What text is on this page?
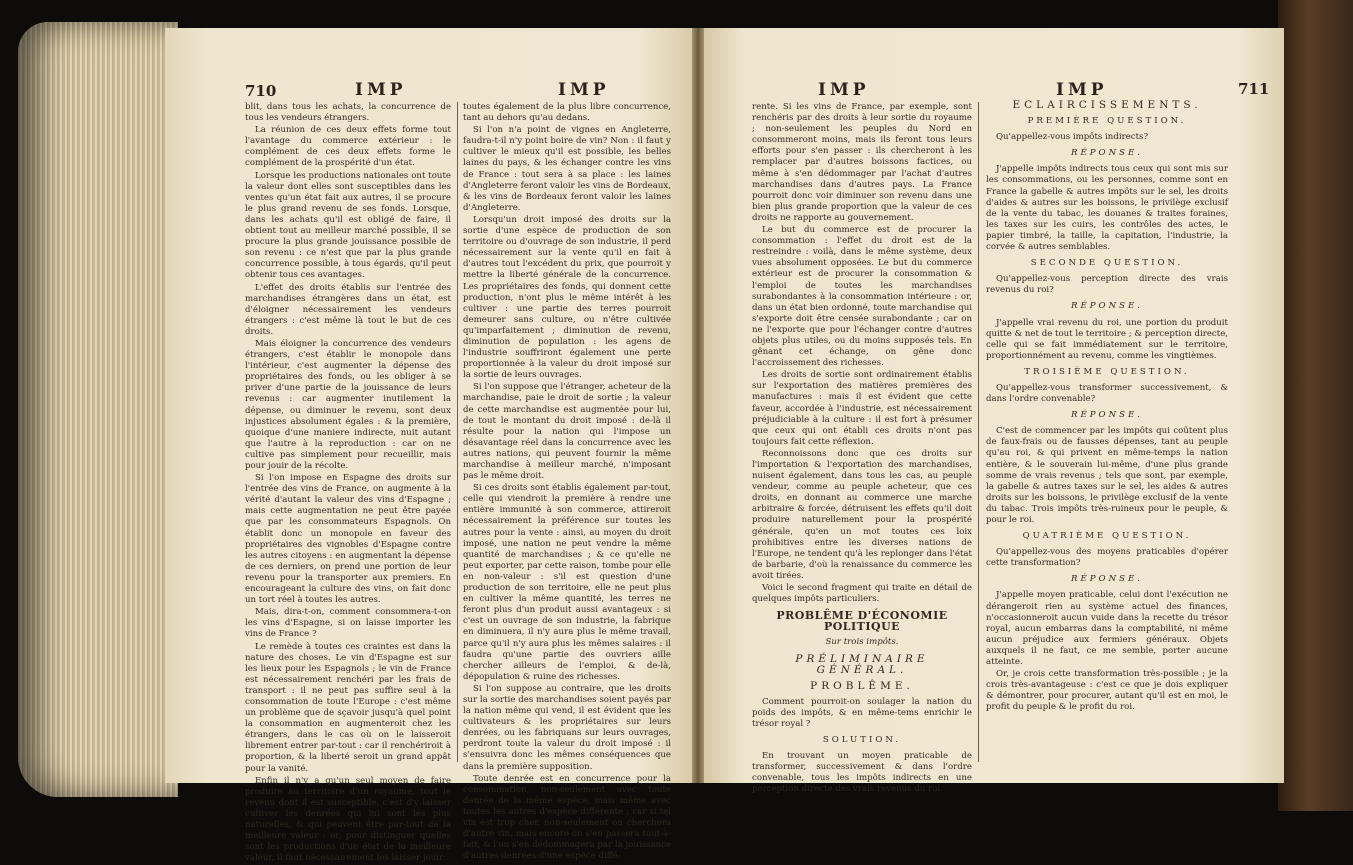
710	IMP	IMP

blit, dans tous les achats, la concurrence de tous les vendeurs étrangers.

La réunion de ces deux effets forme tout l'avantage du commerce extérieur : le complément de ces deux effets forme le complément de la prospérité d'un état.

Lorsque les productions nationales ont toute la valeur dont elles sont susceptibles dans les ventes qu'un état fait aux autres, il se procure le plus grand revenu de ses fonds. Lorsque, dans les achats qu'il est obligé de faire, il obtient tout au meilleur marché possible, il se procure la plus grande jouissance possible de son revenu : ce n'est que par la plus grande concurrence possible, à tous égards, qu'il peut obtenir tous ces avantages.

L'effet des droits établis sur l'entrée des marchandises étrangères dans un état, est d'éloigner nécessairement les vendeurs étrangers : c'est même là tout le but de ces droits.

Mais éloigner la concurrence des vendeurs étrangers, c'est établir le monopole dans l'intérieur, c'est augmenter la dépense des propriétaires des fonds, ou les obliger à se priver d'une partie de la jouissance de leurs revenus : car augmenter inutilement la dépense, ou diminuer le revenu, sont deux injustices absolument égales : & la première, quoique d'une maniere indirecte, nuit autant que l'autre à la reproduction : car on ne cultive pas simplement pour recueillir, mais pour jouir de la récolte.

Si l'on impose en Espagne des droits sur l'entrée des vins de France, on augmente à la vérité d'autant la valeur des vins d'Espagne ; mais cette augmentation ne peut être payée que par les consommateurs Espagnols. On établit donc un monopole en faveur des propriétaires des vignobles d'Espagne contre les autres citoyens : en augmentant la dépense de ces derniers, on prend une portion de leur revenu pour la transporter aux premiers. En encourageant la culture des vins, on fait donc un tort réel à toutes les autres.

Mais, dira-t-on, comment consommera-t-on les vins d'Espagne, si on laisse importer les vins de France ?

Le remède à toutes ces craintes est dans la nature des choses. Le vin d'Espagne est sur les lieux pour les Espagnols ; le vin de France est nécessairement renchéri par les frais de transport : il ne peut pas suffire seul à la consommation de toute l'Europe : c'est même un problème que de sçavoir jusqu'à quel point la consommation en augmenteroit chez les étrangers, dans le cas où on le laisseroit librement entrer par-tout : car il renchériroit à proportion, & la liberté seroit un grand appât pour la vanité.

Enfin il n'y a qu'un seul moyen de faire produire au territoire d'un royaume, tout le revenu dont il est susceptible, c'est d'y laisser cultiver les denrées qui lui sont les plus naturelles, & qui peuvent être par-tout de la meilleure valeur : or, pour distinguer quelles sont les productions d'un état de la meilleure valeur, il faut nécessairement les laisser jouir

toutes également de la plus libre concurrence, tant au dehors qu'au dedans.

Si l'on n'a point de vignes en Angleterre, faudra-t-il n'y point boire de vin? Non : il faut y cultiver le mieux qu'il est possible, les belles laines du pays, & les échanger contre les vins de France : tout sera à sa place : les laines d'Angleterre feront valoir les vins de Bordeaux, & les vins de Bordeaux feront valoir les laines d'Angleterre.

Lorsqu'un droit imposé des droits sur la sortie d'une espèce de production de son territoire ou d'ouvrage de son industrie, il perd nécessairement sur la vente qu'il en fait à d'autres tout l'excédent du prix, que pourroit y mettre la liberté générale de la concurrence. Les propriétaires des fonds, qui donnent cette production, n'ont plus le même intérêt à les cultiver : une partie des terres pourroit demeurer sans culture, ou n'être cultivée qu'imparfaitement ; diminution de revenu, diminution de population : les agens de l'industrie souffriront également une perte proportionnée à la valeur du droit imposé sur la sortie de leurs ouvrages.

Si l'on suppose que l'étranger, acheteur de la marchandise, paie le droit de sortie ; la valeur de cette marchandise est augmentée pour lui, de tout le montant du droit imposé : de-là il résulte pour la nation qui l'impose un désavantage réel dans la concurrence avec les autres nations, qui peuvent fournir la même marchandise à meilleur marché, n'imposant pas le même droit.

Si ces droits sont établis également par-tout, celle qui viendroit la première à rendre une entière immunité à son commerce, attireroit nécessairement la préférence sur toutes les autres pour la vente : ainsi, au moyen du droit imposé, une nation ne peut vendre la même quantité de marchandises ; & ce qu'elle ne peut exporter, par cette raison, tombe pour elle en non-valeur : s'il est question d'une production de son territoire, elle ne peut plus en cultiver la même quantité, les terres ne feront plus d'un produit aussi avantageux : si c'est un ouvrage de son industrie, la fabrique en diminuera, il n'y aura plus le même travail, parce qu'il n'y aura plus les mêmes salaires : il faudra qu'une partie des ouvriers aille chercher ailleurs de l'emploi, & de-là, dépopulation & ruine des richesses.

Si l'on suppose au contraire, que les droits sur la sortie des marchandises soient payés par la nation même qui vend, il est évident que les cultivateurs & les propriétaires sur leurs denrées, ou les fabriquans sur leurs ouvrages, perdront toute la valeur du droit imposé : il s'ensuivra donc les mêmes conséquences que dans la première supposition.

Toute denrée est en concurrence pour la consommation, non-seulement avec toute denrée de la même espèce, mais même avec toutes les autres d'espèce différente ; car si tel vin est trop cher, non-seulement on cherchera d'autre vin, mais encore on s'en passera tout-à-fait, & l'on s'en dédommagera par la jouissance d'autres denrées d'une espèce diffé-

IMP	IMP	711

rente. Si les vins de France, par exemple, sont renchéris par des droits à leur sortie du royaume ; non-seulement les peuples du Nord en consommeront moins, mais ils feront tous leurs efforts pour s'en passer : ils chercheront à les remplacer par d'autres boissons factices, ou même à s'en dédommager par l'achat d'autres marchandises dans d'autres pays. La France pourroit donc voir diminuer son revenu dans une bien plus grande proportion que la valeur de ces droits ne rapporte au gouvernement.

Le but du commerce est de procurer la consommation : l'effet du droit est de la restreindre : voilà, dans le même système, deux vues absolument opposées. Le but du commerce extérieur est de procurer la consommation & l'emploi de toutes les marchandises surabondantes à la consommation intérieure : or, dans un état bien ordonné, toute marchandise qui s'exporte doit être censée surabondante ; car on ne l'exporte que pour l'échanger contre d'autres objets plus utiles, ou du moins supposés tels. En gênant cet échange, on gêne donc l'accroissement des richesses.

Les droits de sortie sont ordinairement établis sur l'exportation des matières premières des manufactures : mais il est évident que cette faveur, accordée à l'industrie, est nécessairement préjudiciable à la culture : il est fort à présumer que ceux qui ont établi ces droits n'ont pas toujours fait cette réflexion.

Reconnoissons donc que ces droits sur l'importation & l'exportation des marchandises, nuisent également, dans tous les cas, au peuple vendeur, comme au peuple acheteur, que ces droits, en donnant au commerce une marche arbitraire & forcée, détruisent les effets qu'il doit produire naturellement pour la prospérité générale, qu'en un mot toutes ces loix prohibitives entre les diverses nations de l'Europe, ne tendent qu'à les replonger dans l'état de barbarie, d'où la renaissance du commerce les avoit tirées.

Voici le second fragment qui traite en détail de quelques impôts particuliers.

PROBLÊME D'ÉCONOMIE POLITIQUE
Sur trois impôts.
PRÉLIMINAIRE GÉNÉRAL.
PROBLÊME.

Comment pourroit-on soulager la nation du poids des impôts, & en même-tems enrichir le trésor royal ?

SOLUTION.

En trouvant un moyen praticable de transformer, successivement & dans l'ordre convenable, tous les impôts indirects en une perception directe des vrais revenus du roi.

ECLAIRCISSEMENTS.
PREMIÈRE QUESTION.

Qu'appellez-vous impôts indirects?

RÉPONSE.

J'appelle impôts indirects tous ceux qui sont mis sur les consommations, ou les personnes, comme sont en France la gabelle & autres impôts sur le sel, les droits d'aides & autres sur les boissons, le privilège exclusif de la vente du tabac, les douanes & traites foraines, les taxes sur les cuirs, les contrôles des actes, le papier timbré, la taille, la capitation, l'industrie, la corvée & autres semblables.

SECONDE QUESTION.

Qu'appellez-vous perception directe des vrais revenus du roi?

RÉPONSE.

J'appelle vrai revenu du roi, une portion du produit quitte & net de tout le territoire ; & perception directe, celle qui se fait immédiatement sur le territoire, proportionnément au revenu, comme les vingtièmes.

TROISIÈME QUESTION.

Qu'appellez-vous transformer successivement, & dans l'ordre convenable?

RÉPONSE.

C'est de commencer par les impôts qui coûtent plus de faux-frais ou de fausses dépenses, tant au peuple qu'au roi, & qui privent en même-temps la nation entière, & le souverain lui-même, d'une plus grande somme de vrais revenus ; tels que sont, par exemple, la gabelle & autres taxes sur le sel, les aides & autres droits sur les boissons, le privilège exclusif de la vente du tabac. Trois impôts très-ruineux pour le peuple, & pour le roi.

QUATRIÈME QUESTION.

Qu'appellez-vous des moyens praticables d'opérer cette transformation?

RÉPONSE.

J'appelle moyen praticable, celui dont l'exécution ne dérangeroit rien au système actuel des finances, n'occasionneroit aucun vuide dans la recette du trésor royal, aucun embarras dans la comptabilité, ni même aucun préjudice aux fermiers généraux. Objets auxquels il ne faut, ce me semble, porter aucune atteinte.

Or, je crois cette transformation très-possible ; je la crois très-avantageuse : c'est ce que je dois expliquer & démontrer, pour procurer, autant qu'il est en moi, le profit du peuple & le profit du roi.
